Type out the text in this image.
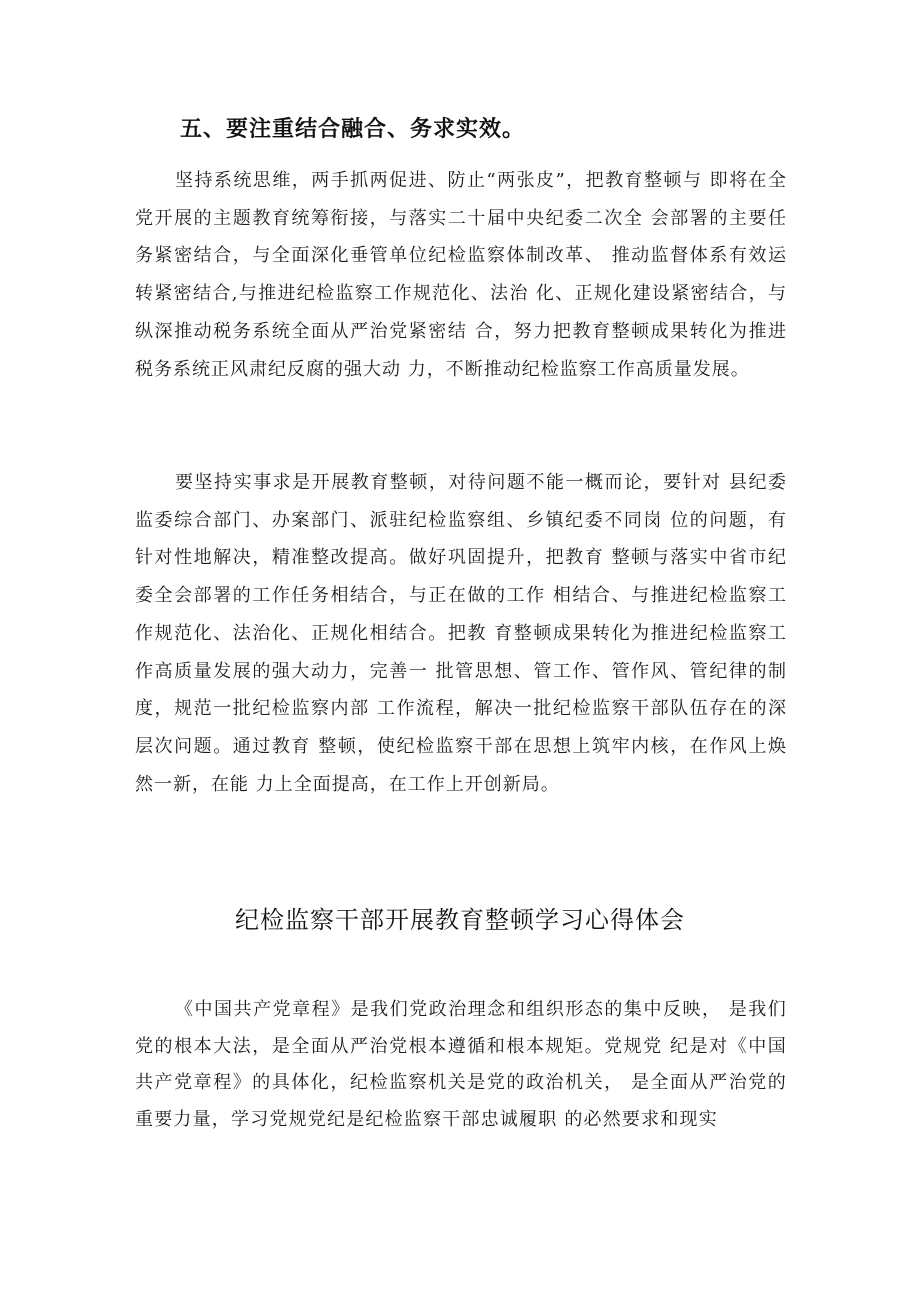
五、要注重结合融合、务求实效。

坚持系统思维，两手抓两促进、防止“两张皮”，把教育整顿与 即将在全党开展的主题教育统筹衔接，与落实二十届中央纪委二次全 会部署的主要任务紧密结合，与全面深化垂管单位纪检监察体制改革、 推动监督体系有效运转紧密结合,与推进纪检监察工作规范化、法治 化、正规化建设紧密结合，与纵深推动税务系统全面从严治党紧密结 合，努力把教育整顿成果转化为推进税务系统正风肃纪反腐的强大动 力，不断推动纪检监察工作高质量发展。

要坚持实事求是开展教育整顿，对待问题不能一概而论，要针对 县纪委监委综合部门、办案部门、派驻纪检监察组、乡镇纪委不同岗 位的问题，有针对性地解决，精准整改提高。做好巩固提升，把教育 整顿与落实中省市纪委全会部署的工作任务相结合，与正在做的工作 相结合、与推进纪检监察工作规范化、法治化、正规化相结合。把教 育整顿成果转化为推进纪检监察工作高质量发展的强大动力，完善一 批管思想、管工作、管作风、管纪律的制度，规范一批纪检监察内部 工作流程，解决一批纪检监察干部队伍存在的深层次问题。通过教育 整顿，使纪检监察干部在思想上筑牢内核，在作风上焕然一新，在能 力上全面提高，在工作上开创新局。

纪检监察干部开展教育整顿学习心得体会

《中国共产党章程》是我们党政治理念和组织形态的集中反映， 是我们党的根本大法，是全面从严治党根本遵循和根本规矩。党规党 纪是对《中国共产党章程》的具体化，纪检监察机关是党的政治机关， 是全面从严治党的重要力量，学习党规党纪是纪检监察干部忠诚履职 的必然要求和现实
